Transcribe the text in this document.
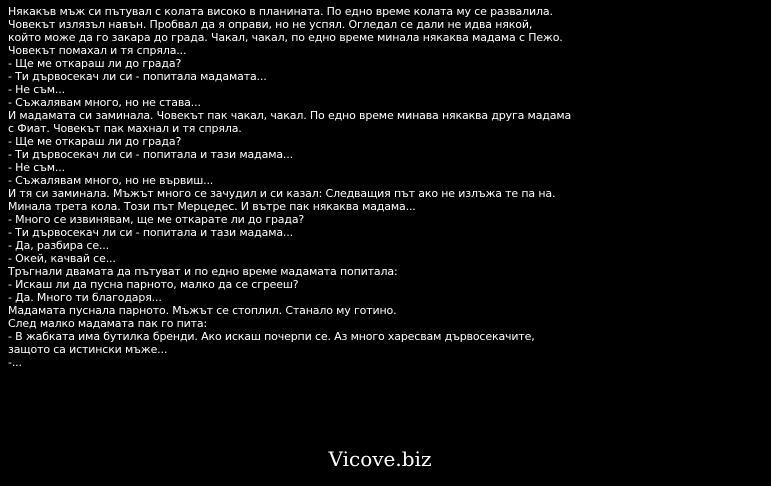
Някакъв мъж си пътувал с колата високо в планината. По едно време колата му се развалила.
Човекът излязъл навън. Пробвал да я оправи, но не успял. Огледал се дали не идва някой,
който може да го закара до града. Чакал, чакал, по едно време минала някаква мадама с Пежо.
Човекът помахал и тя спряла...
- Ще ме откараш ли до града?
- Ти дървосекач ли си - попитала мадамата...
- Не съм...
- Съжалявам много, но не става...
И мадамата си заминала. Човекът пак чакал, чакал. По едно време минава някаква друга мадама
с Фиат. Човекът пак махнал и тя спряла.
- Ще ме откараш ли до града?
- Ти дървосекач ли си - попитала и тази мадама...
- Не съм...
- Съжалявам много, но не вървиш...
И тя си заминала. Мъжът много се зачудил и си казал: Следващия път ако не излъжа те па на.
Минала трета кола. Този път Мерцедес. И вътре пак някаква мадама...
- Много се извинявам, ще ме откарате ли до града?
- Ти дървосекач ли си - попитала и тази мадама...
- Да, разбира се...
- Окей, качвай се...
Тръгнали двамата да пътуват и по едно време мадамата попитала:
- Искаш ли да пусна парното, малко да се сгрееш?
- Да. Много ти благодаря...
Мадамата пуснала парното. Мъжът се стоплил. Станало му готино.
След малко мадамата пак го пита:
- В жабката има бутилка бренди. Ако искаш почерпи се. Аз много харесвам дървосекачите,
защото са истински мъже...
-...
Vicove.biz
